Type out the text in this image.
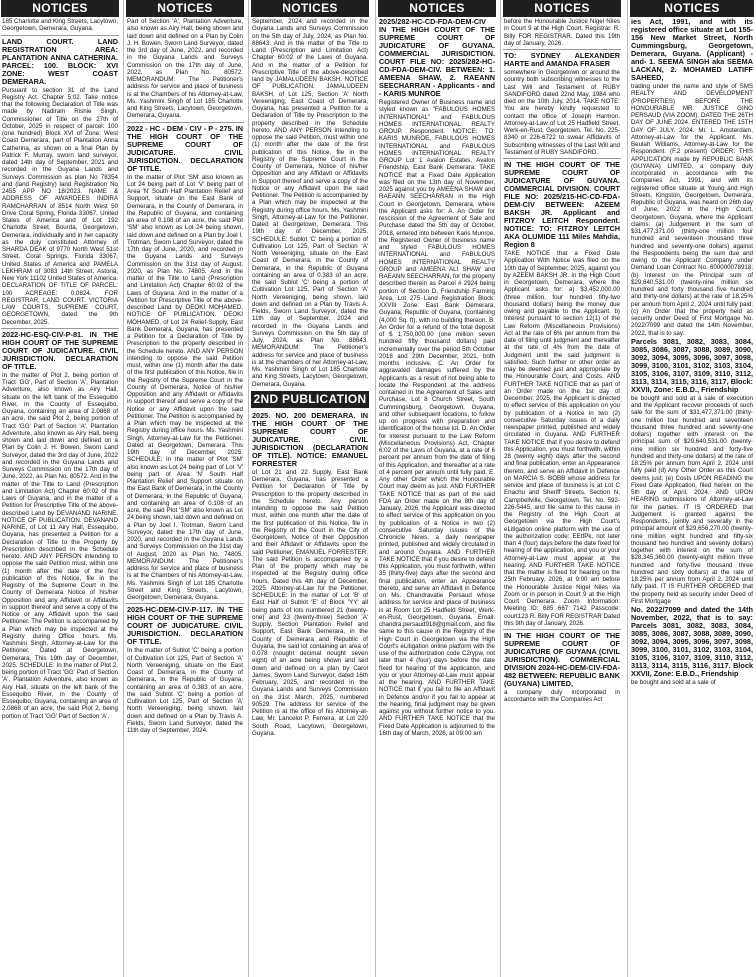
NOTICES

185 Charlotte and King Streets, Lacytown, Georgetown, Demerara, Guyana.

LAND COURT. LAND REGISTRATION AREA: PLANTATION ANNA CATHERINA. PARCEL: 100. BLOCK: XVI ZONE: WEST COAST DEMERARA.

Pursuant to section 31 of the Land Registry Act. Chapter 5:02. Take notice that the following Declaration of Title was made by Nadiram Rishie Singh, Commissioner of Title on the 27th of October, 2025 in respect of parcel: 100 (one hundred) Block XVI of Zone: West Coast Demerara, part of Plantation Anna Catherina, as shown on a final Plan by Patrick F. Murray, sworn land surveyor, dated 14th day of September, 2021 and recorded in the Guyana Lands and Surveys Commission as plan No 78354 and (land Registry) land Registration No 2455 APP NO 18/2023. NAME & ADDRESS OF AWARDEES INDIRA RAMCHARRAN of 8514 North West 50 Drive Coral Spring, Florida 33067, United States of America and of Lot 192 Charlotte Street, Bourda, Georgetown, Demerara, individually and in her capacity as the duly constituted Attorney of SHARDA DEAK of 9770 North West 51st Street, Coral Springs, Florida 33067, United States of America and PAMELA LEKHRAM of 3083 14th Street, Astoria, New York 11102 United States of America. DECLARATION OF TITLE OF PARCEL: 100 ACREAGE: 0.0824. FOR REGISTRAR, LAND COURT. VICTORIA LAW COURTS, SUPREME COURT, GEORGETOWN, dated the 9th December, 2025.

2022-HC-ESQ-CIV-P-81. IN THE HIGH COURT OF THE SUPREME COURT OF JUDICATURE. CIVIL JURISDICTION. DECLARATION OF TITLE.

In the matter of Plot 2, being portion of Tract 'GG', Part of Section 'A', Plantation Adventure, also known as Airy Hall, situate on the left bank of the Essequibo River, in the County of Essequibo, Guyana, containing an area of 2.0868 of an acre, the said Plot 2, being portion of Tract 'GG' Part of Section 'A', Plantation Adventure, also known as Airy Hall, being shown and laid down and defined on a Plan by Colin J. H. Bowen, Sworn Land Surveyor, dated the 3rd day of June, 2022 and recorded in the Guyana Lands and Surveys Commission on the 17th day of June, 2022, as Plan No. 80572. And in the matter of the Title to Land (Prescription and Limitation Act) Chapter 60:02 of the Laws of Guyana, and in the matter of a Petition for Prescriptive Title of the above-described Land by DEVANAND NARINE. NOTICE OF PUBLICATION. DEVANAND NARINE, of Lot 11 Airy Hall, Essequibo, Guyana, has presented a Petition for a Declaration of Title to the Property by Prescription described in the Schedule hereto. AND ANY PERSON intending to oppose the said Petition must, within one (1) month after the date of the first publication of this Notice, file in the Registry of the Supreme Court in the County of Demerara Notice of his/her Opposition and any Affidavit or Affidavits in support thereof and serve a copy of the Notice or any Affidavit upon the said Petitioner. The Petition is accompanied by a Plan which may be inspected at the Registry during Office hours. Ms. Yashmini Singh, Attorney-at-Law for the Petitioner. Dated at Georgetown, Demerara, This 19th day of December, 2025. SCHEDULE: In the matter of Plot 2, being portion of Tract 'GG' Part of Section 'A', Plantation Adventure, also known as Airy Hall, situate on the left bank of the Essequibo River, in the County of Essequibo, Guyana, containing an area of 2.0868 of an acre, the said Plot 2, being portion of Tract 'GG' Part of Section 'A'.

NOTICES

Part of Section 'A', Plantation Adventure, also known as Airy Hall, being shown and laid down and defined on a Plan by Colin J. H. Bowen, Sworn Land Surveyor, dated the 3rd day of June, 2022, and recorded in the Guyana Lands and Surveys Commission on the 17th day of June, 2022, as Plan No. 80572. MEMORANDUM: The Petitioner's address for service and place of business is at the Chambers of his Attorney-at-Law, Ms. Yashmini Singh of Lot 185 Charlotte and King Streets, Lacytown, Georgetown, Demerara, Guyana.

2022 - HC - DEM - CIV - P - 275. IN THE HIGH COURT OF THE SUPREME COURT OF JUDICATURE. CIVIL JURISDICTION. DECLARATION OF TITLE.

In the matter of Plot 'SM' also known as Lot 24 being part of Lot 'V' being part of Area 'N' South Half Plantation Relief and Support, situate on the East Bank of Demerara, in the County of Demerara, in the Republic of Guyana, and containing an area of 0.108 of an acre, the said Plot 'SM' also known as Lot 24 being shown, laid down and defined on a Plan by Joel I. Trotman, Sworn Land Surveyor, dated the 17th day of June, 2020, and recorded in the Guyana Lands and Surveys Commission on the 31st day of August, 2020, as Plan No. 74805. And in the matter of the Title to Land (Prescription and Limitation Act) Chapter 60:02 of the Laws of Guyana. And in the matter of a Petition for Prescriptive Title of the above-described Land by DEOKI MOHAMED, NOTICE OF PUBLICATION. DEOKI MOHAMED, of Lot 24 Relief-Supply, East Bank Demerara, Guyana, has presented a Petition for a Declaration of Title by Prescription to the property described in the Schedule hereto. AND ANY PERSON intending to oppose the said Petition must, within one (1) month after the date of the first publication of this Notice, file in the Registry of the Supreme Court in the County of Demerara, Notice of his/her Opposition and any Affidavit or Affidavits in support thereof and serve a copy of the Notice or any Affidavit upon the said Petitioner. The Petition is accompanied by a Plan which may be inspected at the Registry during office hours. Ms. Yashmini Singh, Attorney-at-Law for the Petitioner. Dated at Georgetown, Demerara. This 19th day of December, 2025. SCHEDULE: In the matter of Plot 'SM' also known as Lot 24 being part of Lot 'V' being part of Area 'N' South Half Plantation Relief and Support situate on the East Bank of Demerara, in the County of Demerara, in the Republic of Guyana, and containing an area of 0.108 of an acre, the said Plot 'SM' also known as Lot 24 being shown, laid down and defined on a Plan by Joel I. Trotman, Sworn Land Surveyor, dated the 17th day of June, 2020, and recorded in the Guyana Lands and Surveys Commission on the 31st day of August, 2020 as Plan No. 74805. MEMORANDUM: The Petitioner's address for service and place of business is at the Chambers of his Attorney-at-Law, Ms. Yashmini Singh of Lot 185 Charlotte Street and King Streets, Lacytown, Georgetown, Demerara, Guyana.

2025-HC-DEM-CIV-P-117. IN THE HIGH COURT OF THE SUPREME COURT OF JUDICATURE. CIVIL JURISDICTION. DECLARATION OF TITLE.

In the matter of Sublot 'C' being a portion of Cultivation Lot 125, Part of Section 'A' North Vereeniging, situate on the East Coast of Demerara, in the County of Demerara, in the Republic of Guyana, containing an area of 0.383 of an acre, the said Sublot 'C' being a portion of Cultivation Lot 125, Part of Section 'A' North Vereeniging, being shown, laid down and defined on a Plan by Travis A. Fields, Sworn Land Surveyor, dated the 11th day of September, 2024.

NOTICES

September, 2024 and recorded in the Guyana Lands and Surveys Commission on the 5th day of July, 2024, as Plan No. 88643. And in the matter of the Title to Land (Prescription and Limitation Act) Chapter 60:02 of the Laws of Guyana. And in the matter of a Petition for Prescriptive Title of the above-described land by JAMALUDEEN BAKSH. NOTICE OF PUBLICATION. JAMALUDEEN BAKSH, of Lot 125, Section 'A' North Vereeniging, East Coast of Demerara, Guyana, has presented a Petition for a Declaration of Title by Prescription to the property described in the Schedule hereto. AND ANY PERSON intending to oppose the said Petition, must within one (1) month after the date of the first publication of this Notice, file in the Registry of the Supreme Court in the County of Demerara, Notice of his/her Opposition and any Affidavit or Affidavits in Support thereof and serve a copy of the Notice or any Affidavit upon the said Petitioner. The Petition is accompanied by a Plan which may be inspected at the Registry during office hours. Ms. Yashmini Singh, Attorney-at-Law for the Petitioner. Dated at Georgetown, Demerara. This 19th day of December, 2025. SCHEDULE: Sublot 'C' being a portion of Cultivation Lot 125, Part of Section 'A' North Vereeniging, situate on the East Coast of Demerara, in the County of Demerara, in the Republic of Guyana containing an area of 0.383 of an acre, the said Sublot 'C' being a portion of Cultivation Lot 125, Part of Section 'A' North Vereeniging, being shown, laid down and defined on a Plan by Travis A. Fields, Sworn Land Surveyor, dated the 11th day of September, 2024 and recorded in the Guyana Lands and Surveys Commission on the 5th day of July, 2024, as Plan No. 88643. MEMORANDUM: The Petitioner's address for service and place of business is at the chambers of her Attorney-at-Law, Ms. Yashmini Singh of Lot 185 Charlotte and King Streets, Lacytown, Georgetown, Demerara, Guyana.

2ND PUBLICATION

2025. NO. 200 DEMERARA. IN THE HIGH COURT OF THE SUPREME COURT OF JUDICATURE. CIVIL JURISDICTION (DECLARATION OF TITLE). NOTICE: EMANUEL FORRESTER

of Lot 21 and 22 Supply, East Bank Demerara, Guyana, has presented a Petition for Declaration of Title by Prescription to the property described in the Schedule hereto. Any person intending to oppose the said Petition must, within one month after the date of the first publication of this Notice, file in the Registry of the Court in the City of Georgetown, Notice of their Opposition and their Affidavit or Affidavits upon the said Petitioner, EMANUEL FORRESTER. The said Petition is accompanied by a Plan of the property which may be inspected at the Registry during office hours. Dated this 4th day of December, 2025. Attorney-at-Law for the Petitioner. SCHEDULE: In the matter of Lot 'B' of East Half of Sublot 'E' of Block 'YY' all being parts of lots numbered 21 (twenty-one) and 23 (twenty-three) Section 'A' Supply, Section Plantation Relief and Support, East Bank Demerara, in the County of Demerara and Republic of Guyana, the said lot containing an area of 0.078 (nought decimal nought seven eight) of an acre being shown and laid down and defined on a plan by Carol James, Sworn Land Surveyor, dated 16th February, 2025, and recorded in the Guyana Lands and Surveys Commission on the 31st March, 2025, numbered 90529. The address for service of the Petition is at the office of his Attorney-at-Law, Mr. Lancelot P. Ferreira, at Lot 220 South Road, Lacytown, Georgetown, Guyana.

NOTICES

2025/282-HC-CD-FDA-DEM-CIV IN THE HIGH COURT OF THE SUPREME COURT OF JUDICATURE OF GUYANA. COMMERCIAL JURISDICTION. COURT FILE NO: 2025/282-HC-CD-FDA-DEM-CIV. BETWEEN: 1. AMEENA SHAW, 2. RAEANN SEECHARRAN - Applicants - and - KARIS MUNROE

Registered Owner of Business name and styled known as "FABULOUS HOMES INTERNATIONAL" and FABULOUS HOMES INTERNATIONAL REALTY GROUP. Respondent. NOTICE: TO: KARIS MUNROE, FABULOUS HOMES INTERNATIONAL and FABULOUS HOMES INTERNATIONAL REALTY GROUP Lot 1 Avalon Estates, Avalon Friendship, East Bank Demerara. TAKE NOTICE that a Fixed Date Application was filed on the 13th day of November, 2025 against you by AMEENA SHAW and RAEANN SEECHARRAN in the High Court in Georgetown, Demerara, where the Applicant asks for: A. An Order for rescission of the Agreement of Sale and Purchase dated the 5th day of October, 2018, entered into between Karis Munroe, the Registered Owner of business name and styled FABULOUS HOMES INTERNATIONAL and FABULOUS HOMES INTERNATIONAL REALTY GROUP and AMEENA ALI SHAW and RAEANN SEECHARRAN, for the property described therein as Parcel # 2924 being portion of Section D, Friendship Farming Area, Lot 275 Land Registration Block: XXVIII Zone: East Bank Demerara, Guyana, Republic of Guyana, (containing (4,000 Sq. ft), with no building thereon. B. An Order for a refund of the total deposit of $ 1,750,000.00 (one million seven hundred fifty thousand dollars) paid incrementally over the period 5th October 2018 and 29th December, 2021, both months inclusive. C. An Order for aggravated damages suffered by the Applicants as a result of not being able to locate the Respondent at the address contained in the Agreement of Sales and Purchase, Lot 8 Church Street, South Cummingsburg, Georgetown, Guyana, and other subsequent locations, to follow up on progress with preparation and identification of the house lot. D. An Order for interest pursuant to the Law Reform (Miscellaneous Provisions) Act, Chapter 6:02 of the Laws of Guyana, at a rate of 6 percent per annum from the date of filing of this Application, and thereafter at a rate of 4 percent per annum until fully paid. E. Any other Order which the Honourable Court may deem as just. AND FURTHER TAKE NOTICE that as part of the said FDA an Order made on the 8th day of January, 2026, the Applicant was directed to effect service of this application on you by publication of a Notice in two (2) consecutive Saturday issues of the Chronicle News, a daily newspaper printed, published and widely circulated in and around Guyana. AND FURTHER TAKE NOTICE that if you desire to defend this Application, you must forthwith, within 35 (thirty-five) days after the second and final publication, enter an Appearance thereto, and serve an Affidavit in Defence on Ms. Chandravatie Persaud whose address for service and place of business is at Room Lot 25 Hadfield Street, Werk-en-Rust, Georgetown, Guyana. Email: chandra.persaud918@gmail.com, and file same to this cause in the Registry of the High Court in Georgetown via the High Court's eLitigation online platform with the use of the authorization code C2rypw, not later than 4 (four) days before the date fixed for hearing of the application, and you or your Attorney-at-Law must appear at the hearing. AND FURTHER TAKE NOTICE that if you fail to file an Affidavit in Defence and/or if you fail to appear at the hearing, final judgment may be given against you without further notice to you. AND FURTHER TAKE NOTICE that the Fixed Date Application is adjourned to the 16th day of March, 2026, at 09:00 am

NOTICES

before the Honourable Justice Nigel Niles in Court 9 at the High Court. Registrar. R. Billy FOR REGISTRAR. Dated this 19th day of January, 2026.

TO: SYDNEY ALEXANDER HARTE and AMANDA FRASER

somewhere in Georgetown or around the country both subscribing witnesses to the Last Will and Testament of RUBY SANDIFORD dated 22nd May, 1984 who died on the 10th July, 2014. TAKE NOTE: You are hereby kindly requested to contact the office of Joseph Harmon, Attorney-at-Law of Lot 25 Hadfield Street, Werk-en-Rust, Georgetown. Tel. No. 225-8340 or 226-6722 to swear Affidavits of Subscribing witnesses of the Last Will and Testament of RUBY SANDIFORD.

IN THE HIGH COURT OF THE SUPREME COURT OF JUDICATURE OF GUYANA. COMMERCIAL DIVISION. COURT FILE NO: 2025/215-HC-CD-FDA-DEM-CIV BETWEEN: AZEEM BAKSH JR. Applicant and FITZROY LEITCH Respondent. NOTICE: TO: FITZROY LEITCH AKA OLUMIDE 111 Miles Mahdia, Region 8

TAKE NOTICE that a Fixed Date Application With Notice was filed on the 10th day of September, 2025, against you by AZEEM BAKSH JR. in the High Court in Georgetown, Demerara, where the Applicant asks for: a) $3,452,000.00 (three million, four hundred fifty-two thousand dollars) being the money due owing and payable to the Applicant. b) Interest pursuant to section 12(1) of the Law Reform (Miscellaneous Provisions) Act at the rate of 6% per annum from the date of filing until judgment and thereafter at the rate of 4% from the date of Judgment until the said judgment is satisfied. Such further or other order as may be deemed just and appropriate by the Honourable Court, and Costs. AND FURTHER TAKE NOTICE that as part of an Order made on the 1st day of December, 2025, the Applicant is directed to effect service of this application on you by publication of a Notice in two (2) consecutive Saturday issues of a daily newspaper printed, published and widely circulated in Guyana. AND FURTHER TAKE NOTICE that if you desire to defend this Application, you must forthwith, within 28 (twenty eight) days after the second and final publication, enter an Appearance thereto, and serve an Affidavit in Defence on MARCIA S. BOBB whose address for service and place of business is at Lot C Enachu and Sheriff Streets, Section N, Campbellville, Georgetown. Tel. No. 592-226-5445, and file same to this cause in the Registry of the High Court at Georgetown via the High Court's eLitigation online platform with the use of the authorization code: EEtfPk, not later than 4 (four) days before the date fixed for hearing of the application, and you or your Attorney-at-Law must appear at the hearing. AND FURTHER TAKE NOTICE that the matter is fixed for hearing on the 25th February, 2026, at 9:00 am before the Honourable Justice Nigel Niles via Zoom or in person in Court 9 at the High Court Demerara. Zoom Information: Meeting ID: 685 667 7142 Passcode: court123 R. Billy FOR REGISTRAR Dated this 9th day of January, 2026.

IN THE HIGH COURT OF THE SUPREME COURT OF JUDICATURE OF GUYANA (CIVIL JURISDICTION). COMMERCIAL DIVISION 2024-HC-DEM-CIV-FDA-482 BETWEEN: REPUBLIC BANK (GUYANA) LIMITED,

a company duly incorporated in accordance with the Companies Act

NOTICES

ies Act, 1991, and with its registered office situate at Lot 155-156 New Market Street, North Cummingsburg, Georgetown, Demerara, Guyana. (Applicant) -and- 1. SEEMA SINGH aka SEEMA LACKAN, 2. MOHAMED LATIFF SAHEED,

trading under the name and style of SMS REALTY AND DEVELOPMENT (PROPERTIES) BEFORE THE HONOURABLE MR. JUSTICE GINO PERSAUD (VIA ZOOM). DATED THE 26TH DAY OF JUNE 2024. ENTERED THE 15TH DAY OF JULY, 2024. Mr. L. Amsterdam, Attorney-at-Law for the Applicant. Ms. Beulah Williams, Attorney-at-Law for the Respondent. (F.2 present) ORDER: THIS APPLICATION made by REPUBLIC BANK (GUYANA) LIMITED, a company duly incorporated in accordance with the Companies Act, 1991, and with its registered office situate at Young and High Streets, Kingston, Georgetown, Demerara, Republic of Guyana, was heard on 26th day of June, 2022 in the High Court, Georgetown, Guyana, where the Applicant claims: (a) Judgement in the sum of $31,477,371.00 (thirty-one million four hundred and seventeen thousand three hundred and seventy-one dollars) against the Respondents being the sum due and owing to the Applicant Company under Demand Loan Contract No. 600000078918; (b) Interest on the Principal sum of $29,640,531.00 (twenty-nine million six hundred and forty thousand five hundred and thirty-one dollars) at the rate of 18.25% per annum from April 2, 2024 until fully paid; (c) An Order that the property held as security under Deed of First Mortgage No. 2022/7099 and dated the 14th November, 2022, that is to say:

Parcels 3081, 3082, 3083, 3084, 3085, 3086, 3087, 3088, 3089, 3090, 3092, 3094, 3095, 3096, 3097, 3098, 3099, 3100, 3101, 3102, 3103, 3104, 3105, 3106, 3107, 3109, 3110, 3112, 3113, 3114, 3115, 3116, 3117, Block: XXVII, Zone: E.B.D., Friendship

be bought and sold at a sale of execution and the Applicant recover proceeds of such sale for the sum of $31,477,371.00 (thirty-one million four hundred and seventeen thousand three hundred and seventy-one dollars) together with interest on the principal sum of $29,640,531.00 (twenty-nine million six hundred and forty-five hundred and thirty-one dollars) at the rate of 18.25% per annum from April 2, 2024 until fully paid (d) Any Other Order as this Court deems just; (e) Costs UPON READING the Fixed Date Application, filed herein on the 5th day of April, 2024. AND UPON HEARING submissions of Attorney-at-Law for the parties. IT IS ORDERED that Judgement is granted against the Respondents, jointly and severally in the principal amount of $29,656,270.00 (twenty-nine million eight hundred and fifty-six thousand two hundred and seventy dollars) together with interest on the sum of $28,345,360.00 (twenty-eight million three hundred and forty-five thousand three hundred and sixty dollars) at the rate of 18.25% per annum from April 2, 2024 until fully paid. IT IS FURTHER ORDERED that the property held as security under Deed of First Mortgage

No. 2022/7099 and dated the 14th November, 2022, that is to say: Parcels 3081, 3082, 3083, 3084, 3085, 3086, 3087, 3088, 3089, 3090, 3092, 3094, 3095, 3096, 3097, 3098, 3099, 3100, 3101, 3102, 3103, 3104, 3105, 3106, 3107, 3109, 3110, 3112, 3113, 3114, 3115, 3116, 3117. Block XXVII, Zone: E.B.D., Friendship

be bought and sold at a sale of
